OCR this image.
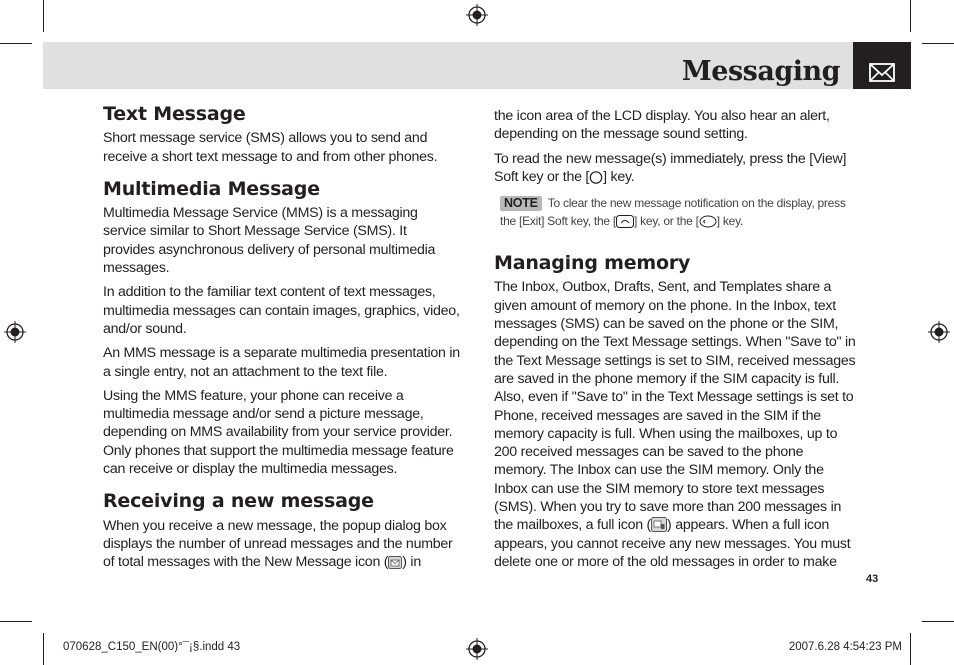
Messaging
Text Message

Short message service (SMS) allows you to send and receive a short text message to and from other phones.

Multimedia Message

Multimedia Message Service (MMS) is a messaging service similar to Short Message Service (SMS). It provides asynchronous delivery of personal multimedia messages.

In addition to the familiar text content of text messages, multimedia messages can contain images, graphics, video, and/or sound.

An MMS message is a separate multimedia presentation in a single entry, not an attachment to the text file.

Using the MMS feature, your phone can receive a multimedia message and/or send a picture message, depending on MMS availability from your service provider. Only phones that support the multimedia message feature can receive or display the multimedia messages.

Receiving a new message

When you receive a new message, the popup dialog box displays the number of unread messages and the number of total messages with the New Message icon ( ) in

the icon area of the LCD display. You also hear an alert, depending on the message sound setting.

To read the new message(s) immediately, press the [View] Soft key or the [ ] key.

NOTE To clear the new message notification on the display, press the [Exit] Soft key, the [ ] key, or the [ ] key.
Managing memory

The Inbox, Outbox, Drafts, Sent, and Templates share a given amount of memory on the phone. In the Inbox, text messages (SMS) can be saved on the phone or the SIM, depending on the Text Message settings. When "Save to" in the Text Message settings is set to SIM, received messages are saved in the phone memory if the SIM capacity is full. Also, even if "Save to" in the Text Message settings is set to Phone, received messages are saved in the SIM if the memory capacity is full. When using the mailboxes, up to 200 received messages can be saved to the phone memory. The Inbox can use the SIM memory. Only the Inbox can use the SIM memory to store text messages (SMS). When you try to save more than 200 messages in the mailboxes, a full icon ( ) appears. When a full icon appears, you cannot receive any new messages. You must delete one or more of the old messages in order to make

43
070628_C150_EN(00)°¯¡§.indd 43	2007.6.28 4:54:23 PM
